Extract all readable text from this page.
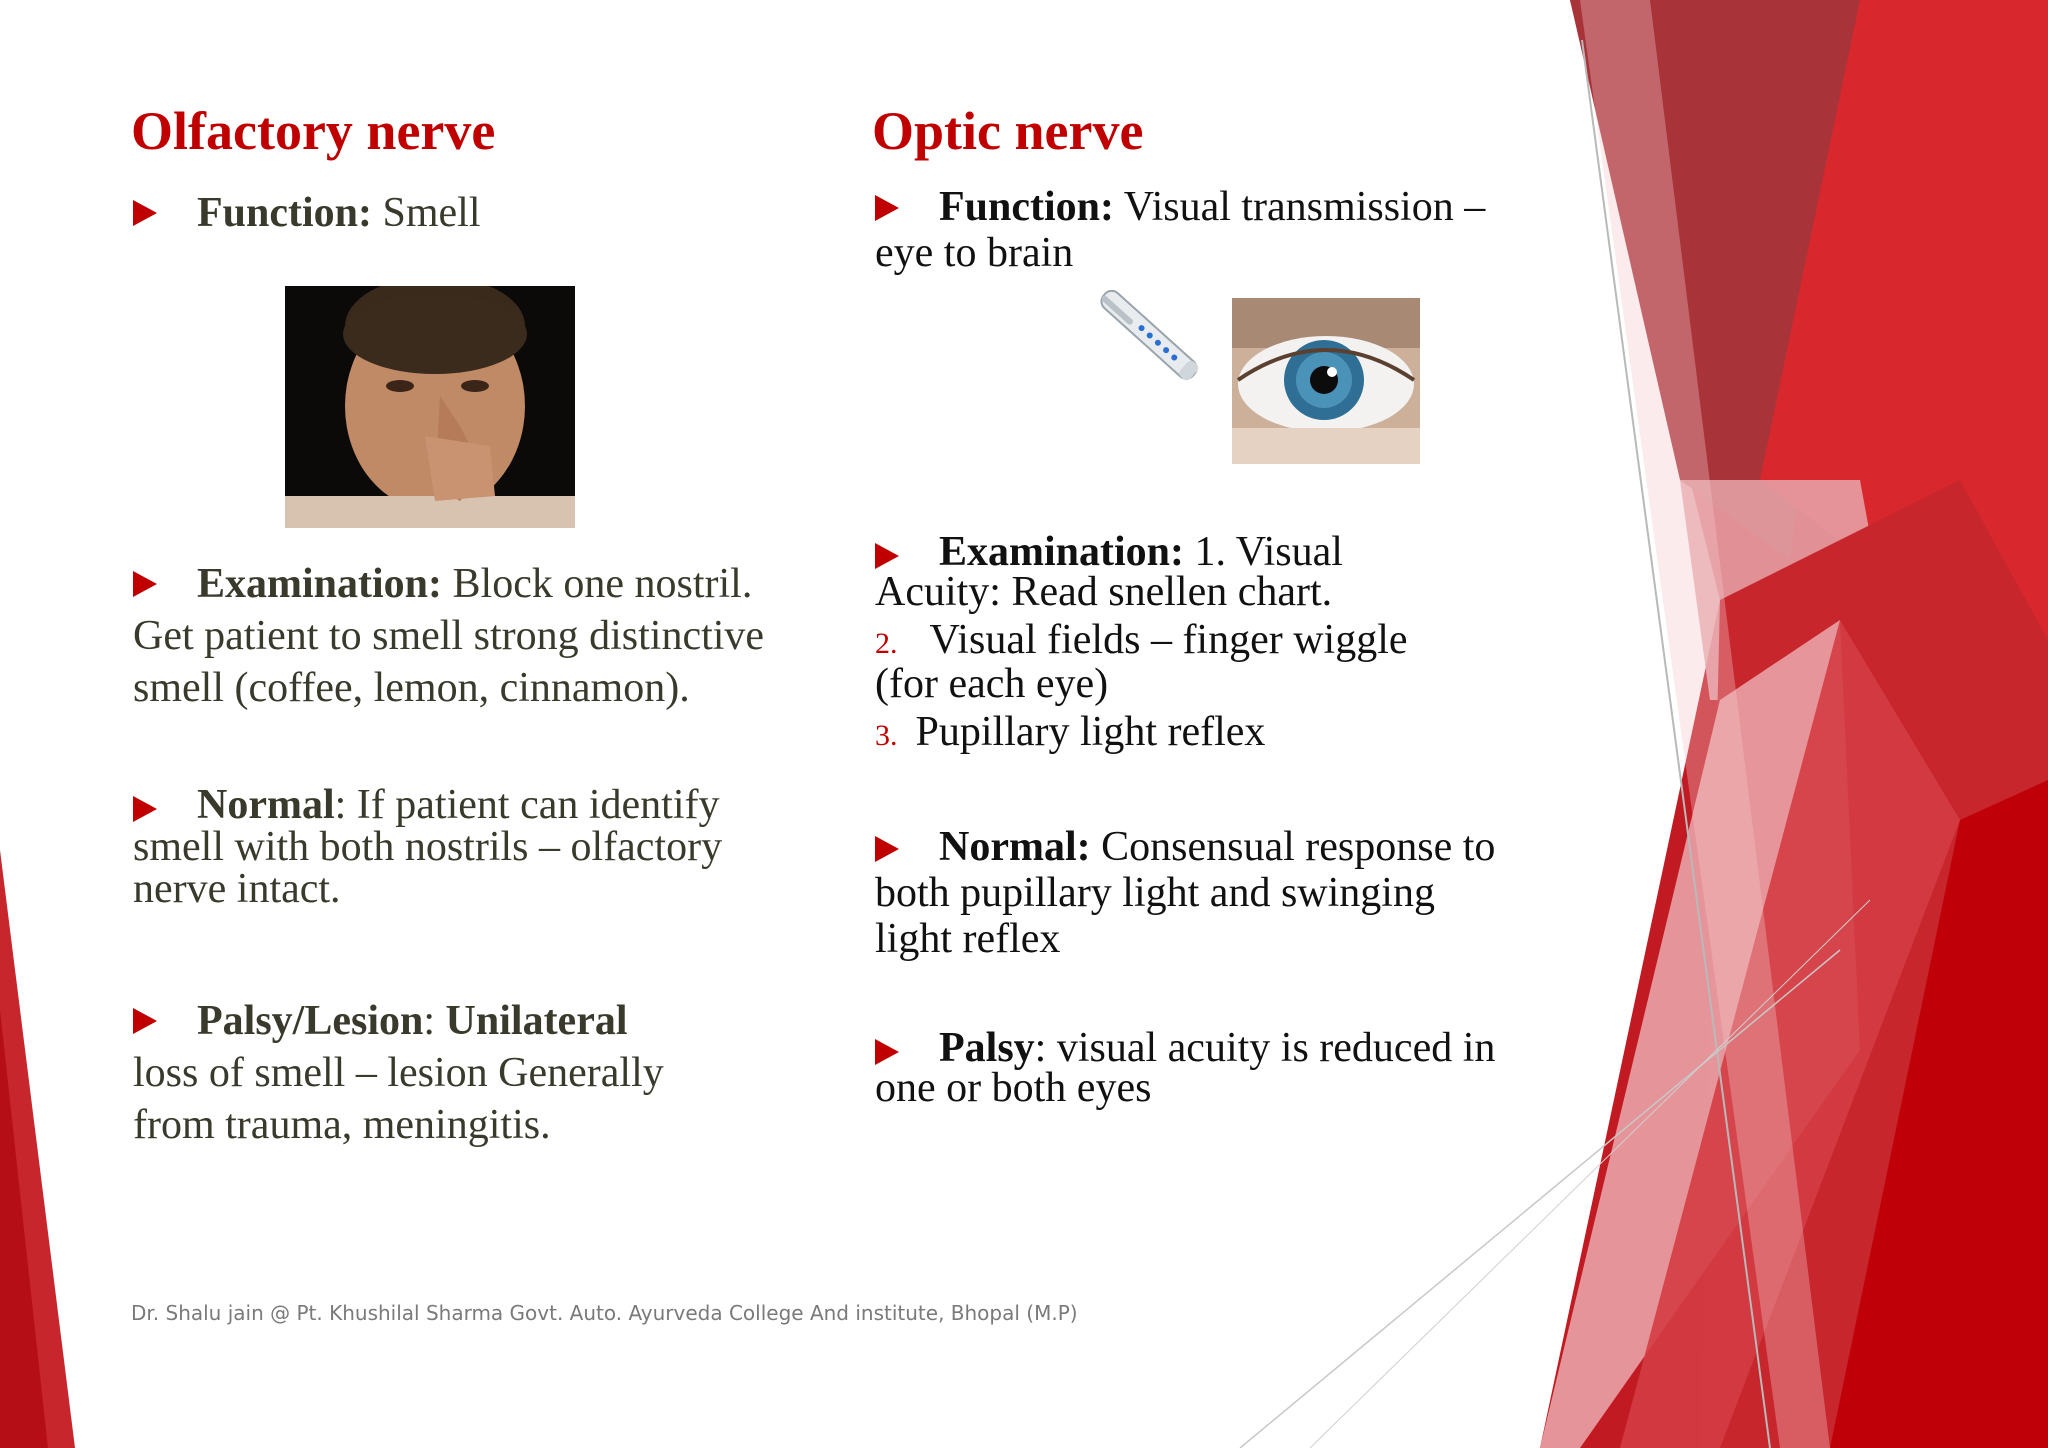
Olfactory nerve
Function: Smell
Examination: Block one nostril.
Get patient to smell strong distinctive
smell (coffee, lemon, cinnamon).
Normal: If patient can identify
smell with both nostrils – olfactory
nerve intact.
Palsy/Lesion: Unilateral
loss of smell – lesion Generally
from trauma, meningitis.
Optic nerve
Function: Visual transmission –
eye to brain
Examination: 1. Visual
Acuity: Read snellen chart.
2. Visual fields – finger wiggle
(for each eye)
3. Pupillary light reflex
Normal: Consensual response to
both pupillary light and swinging
light reflex
Palsy: visual acuity is reduced in
one or both eyes
Dr. Shalu jain @ Pt. Khushilal Sharma Govt. Auto. Ayurveda College And institute, Bhopal (M.P)
